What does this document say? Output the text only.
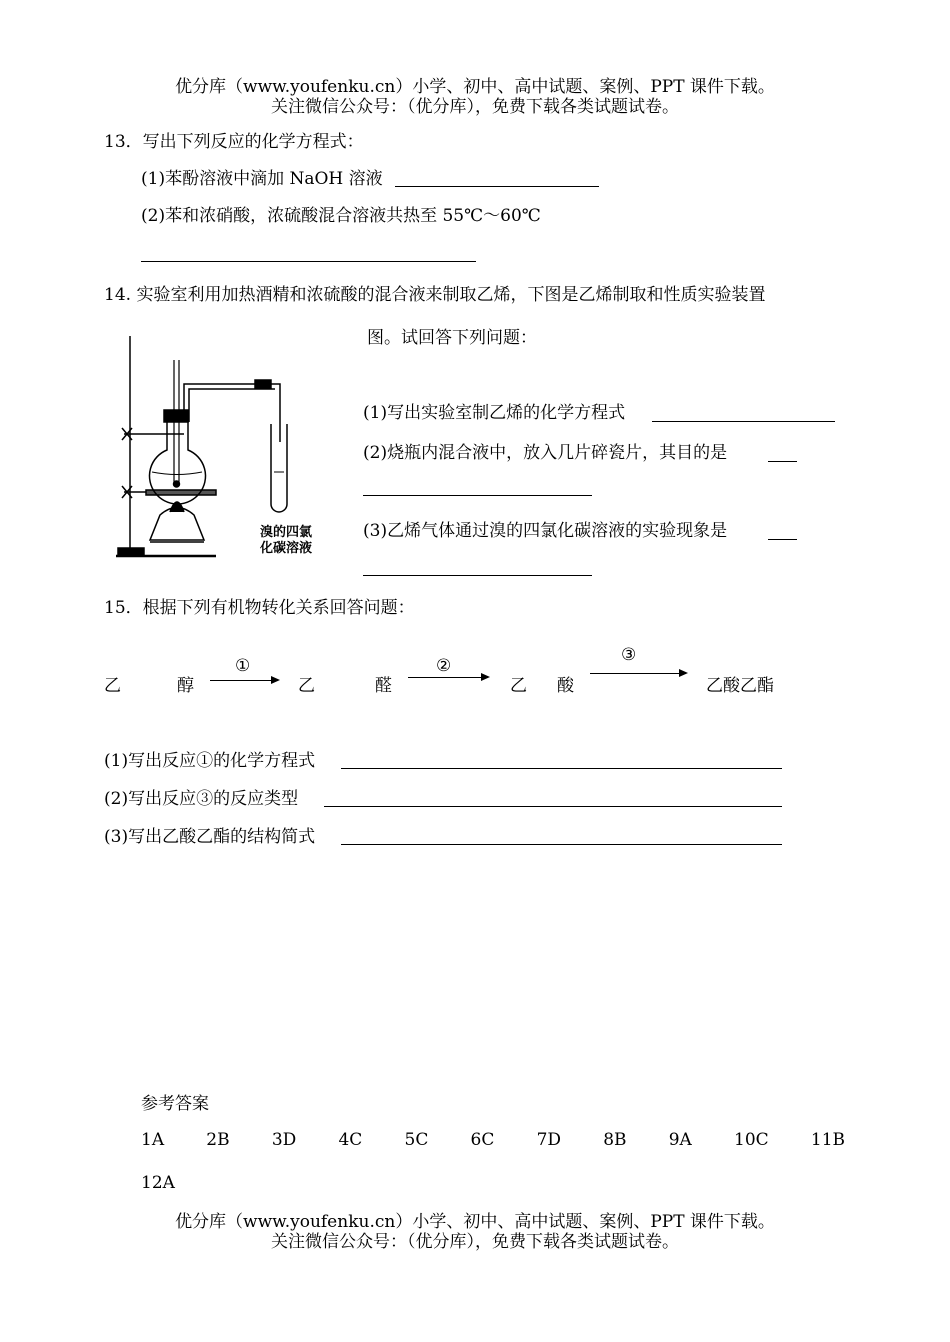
优分库（www.youfenku.cn）小学、初中、高中试题、案例、PPT 课件下载。
关注微信公众号：（优分库），免费下载各类试题试卷。
13．写出下列反应的化学方程式：
(1)苯酚溶液中滴加 NaOH 溶液
(2)苯和浓硝酸，浓硫酸混合溶液共热至 55℃～60℃
14. 实验室利用加热酒精和浓硫酸的混合液来制取乙烯，下图是乙烯制取和性质实验装置
图。试回答下列问题：
溴的四氯
化碳溶液
(1)写出实验室制乙烯的化学方程式
(2)烧瓶内混合液中，放入几片碎瓷片，其目的是
(3)乙烯气体通过溴的四氯化碳溶液的实验现象是
15．根据下列有机物转化关系回答问题：
乙	醇
①
→ 乙	醛
②
乙 酸
③
乙酸乙酯
(1)写出反应①的化学方程式
(2)写出反应③的反应类型
(3)写出乙酸乙酯的结构简式
参考答案
1A 2B 3D 4C 5C 6C 7D 8B 9A 10C 11B
12A
优分库（www.youfenku.cn）小学、初中、高中试题、案例、PPT 课件下载。
关注微信公众号：（优分库），免费下载各类试题试卷。
